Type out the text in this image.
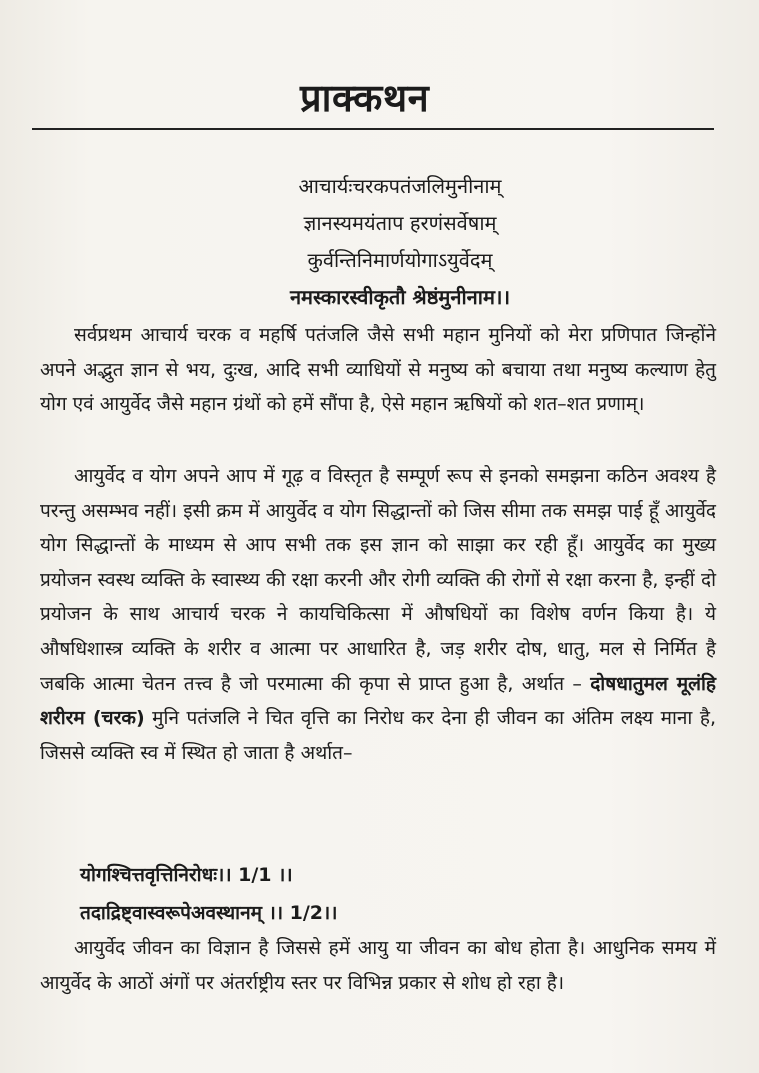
प्राक्कथन

आचार्यःचरकपतंजलिमुनीनाम्

ज्ञानस्यमयंताप हरणंसर्वेषाम्

कुर्वन्तिनिमार्णयोगाऽयुर्वेदम्

नमस्कारस्वीकृतौ श्रेष्ठंमुनीनाम।।

सर्वप्रथम आचार्य चरक व महर्षि पतंजलि जैसे सभी महान मुनियों को मेरा प्रणिपात जिन्होंने अपने अद्भुत ज्ञान से भय, दुःख, आदि सभी व्याधियों से मनुष्य को बचाया तथा मनुष्य कल्याण हेतु योग एवं आयुर्वेद जैसे महान ग्रंथों को हमें सौंपा है, ऐसे महान ऋषियों को शत–शत प्रणाम्।

आयुर्वेद व योग अपने आप में गूढ़ व विस्तृत है सम्पूर्ण रूप से इनको समझना कठिन अवश्य है परन्तु असम्भव नहीं। इसी क्रम में आयुर्वेद व योग सिद्धान्तों को जिस सीमा तक समझ पाई हूँ आयुर्वेद योग सिद्धान्तों के माध्यम से आप सभी तक इस ज्ञान को साझा कर रही हूँ। आयुर्वेद का मुख्य प्रयोजन स्वस्थ व्यक्ति के स्वास्थ्य की रक्षा करनी और रोगी व्यक्ति की रोगों से रक्षा करना है, इन्हीं दो प्रयोजन के साथ आचार्य चरक ने कायचिकित्सा में औषधियों का विशेष वर्णन किया है। ये औषधिशास्त्र व्यक्ति के शरीर व आत्मा पर आधारित है, जड़ शरीर दोष, धातु, मल से निर्मित है जबकि आत्मा चेतन तत्त्व है जो परमात्मा की कृपा से प्राप्त हुआ है, अर्थात – दोषधातुमल मूलंहि शरीरम (चरक) मुनि पतंजलि ने चित वृत्ति का निरोध कर देना ही जीवन का अंतिम लक्ष्य माना है, जिससे व्यक्ति स्व में स्थित हो जाता है अर्थात–

योगश्चित्तवृत्तिनिरोधः।। 1/1 ।।

तदाद्रिष्ट्वास्वरूपेअवस्थानम् ।। 1/2।।

आयुर्वेद जीवन का विज्ञान है जिससे हमें आयु या जीवन का बोध होता है। आधुनिक समय में आयुर्वेद के आठों अंगों पर अंतर्राष्ट्रीय स्तर पर विभिन्न प्रकार से शोध हो रहा है।
